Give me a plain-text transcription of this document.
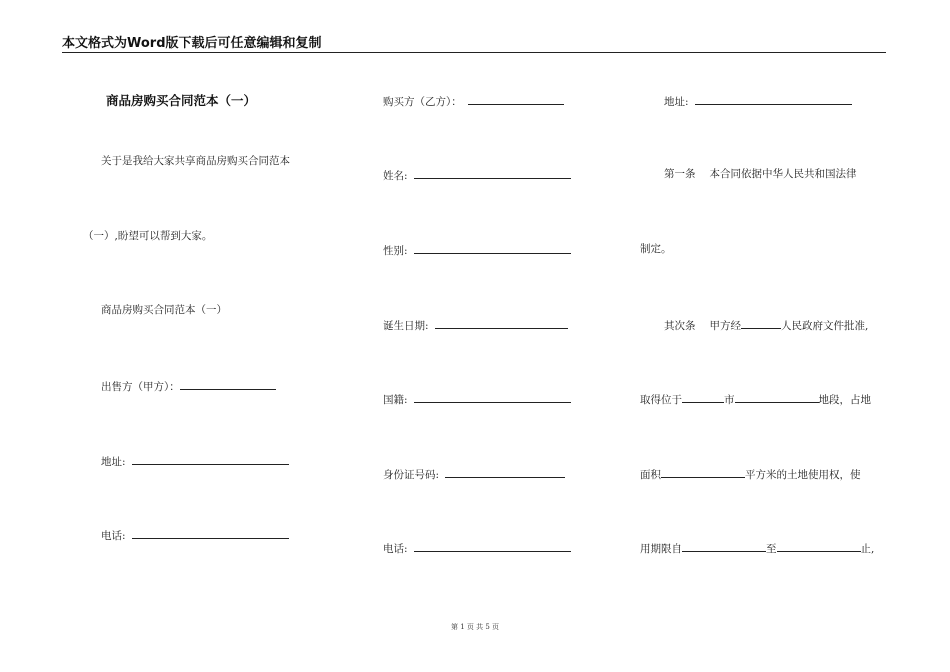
本文格式为Word版下载后可任意编辑和复制
商品房购买合同范本（一）
关于是我给大家共享商品房购买合同范本
（一）,盼望可以帮到大家。
商品房购买合同范本（一）
出售方（甲方）：
地址:
电话:
购买方（乙方）：
姓名:
性别:
诞生日期:
国籍:
身份证号码:
电话:
地址:
第一条 本合同依据中华人民共和国法律
制定。
其次条 甲方经	人民政府文件批准,
取得位于	市	地段，占地
面积	平方米的土地使用权，使
用期限自	至	止,
第 1 页 共 5 页
